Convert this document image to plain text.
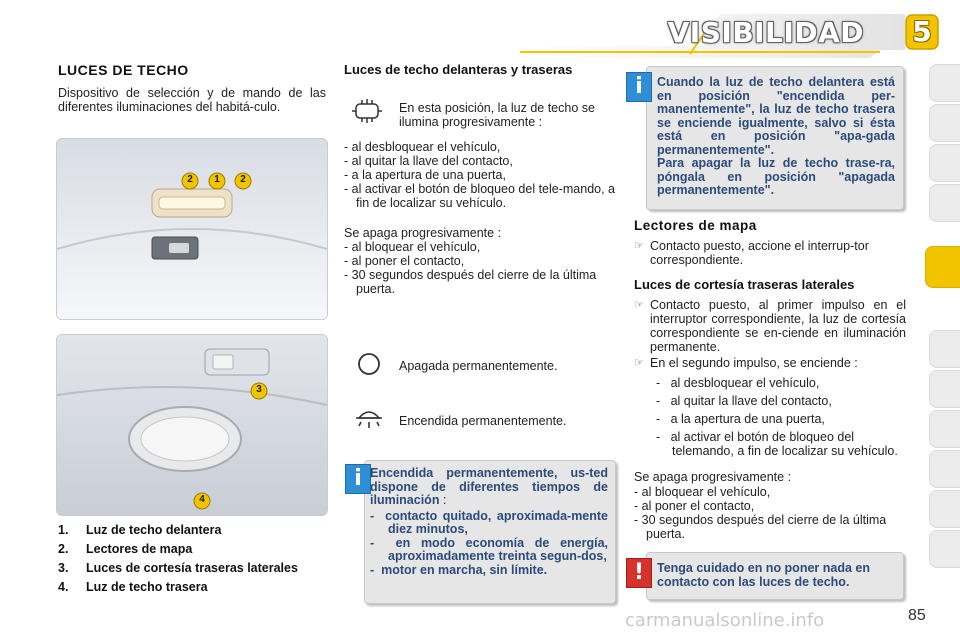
VISIBILIDAD 5
LUCES DE TECHO
Dispositivo de selección y de mando de las diferentes iluminaciones del habitá-culo.
2	1	2
3
4
1. Luz de techo delantera
2. Lectores de mapa
3. Luces de cortesía traseras laterales
4. Luz de techo trasera
Luces de techo delanteras y traseras
En esta posición, la luz de techo se ilumina progresivamente :
- al desbloquear el vehículo,
- al quitar la llave del contacto,
- a la apertura de una puerta,
- al activar el botón de bloqueo del tele-mando, a fin de localizar su vehículo.
Se apaga progresivamente :
- al bloquear el vehículo,
- al poner el contacto,
- 30 segundos después del cierre de la última puerta.
Apagada permanentemente.
Encendida permanentemente.
i Encendida permanentemente, us-ted dispone de diferentes tiempos de iluminación :
-  contacto quitado, aproximada-mente diez minutos,
-  en modo economía de energía, aproximadamente treinta segun-dos,
-  motor en marcha, sin límite.
i	Cuando la luz de techo delantera está en posición "encendida per-manentemente", la luz de techo trasera se enciende igualmente, salvo si ésta está en posición "apa-gada permanentemente".
Para apagar la luz de techo trase-ra, póngala en posición "apagada permanentemente".
Lectores de mapa
☞ Contacto puesto, accione el interrup-tor correspondiente.
Luces de cortesía traseras laterales
☞ Contacto puesto, al primer impulso en el interruptor correspondiente, la luz de cortesía correspondiente se en-ciende en iluminación permanente.
☞ En el segundo impulso, se enciende :
-   al desbloquear el vehículo,
-   al quitar la llave del contacto,
-   a la apertura de una puerta,
-   al activar el botón de bloqueo del telemando, a fin de localizar su vehículo.
Se apaga progresivamente :
- al bloquear el vehículo,
- al poner el contacto,
- 30 segundos después del cierre de la última puerta.
!	Tenga cuidado en no poner nada en contacto con las luces de techo.
carmanualsonline.info	85
